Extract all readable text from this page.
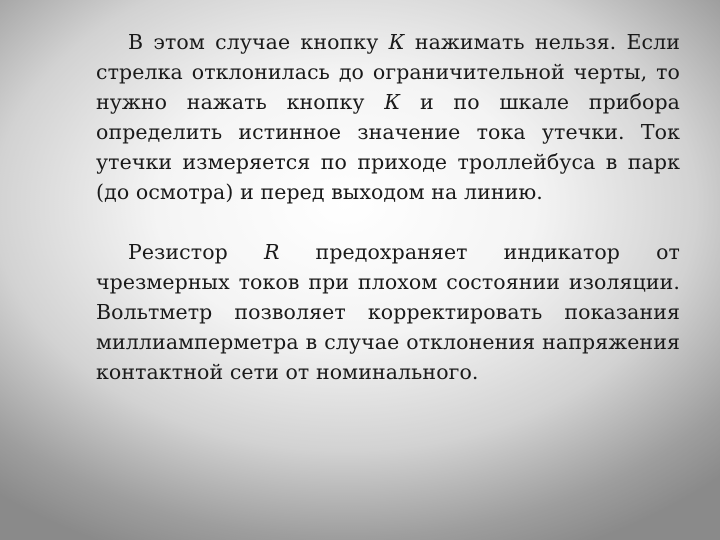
В этом случае кнопку К нажимать нельзя. Если стрелка отклонилась до ограничительной черты, то нужно нажать кнопку К и по шкале прибора определить истинное значение тока утечки. Ток утечки измеряется по приходе троллейбуса в парк (до осмотра) и перед выходом на линию.

Резистор R предохраняет индикатор от чрезмерных токов при плохом состоянии изоляции. Вольтметр позволяет корректировать показания миллиамперметра в случае отклонения напряжения контактной сети от номинального.
